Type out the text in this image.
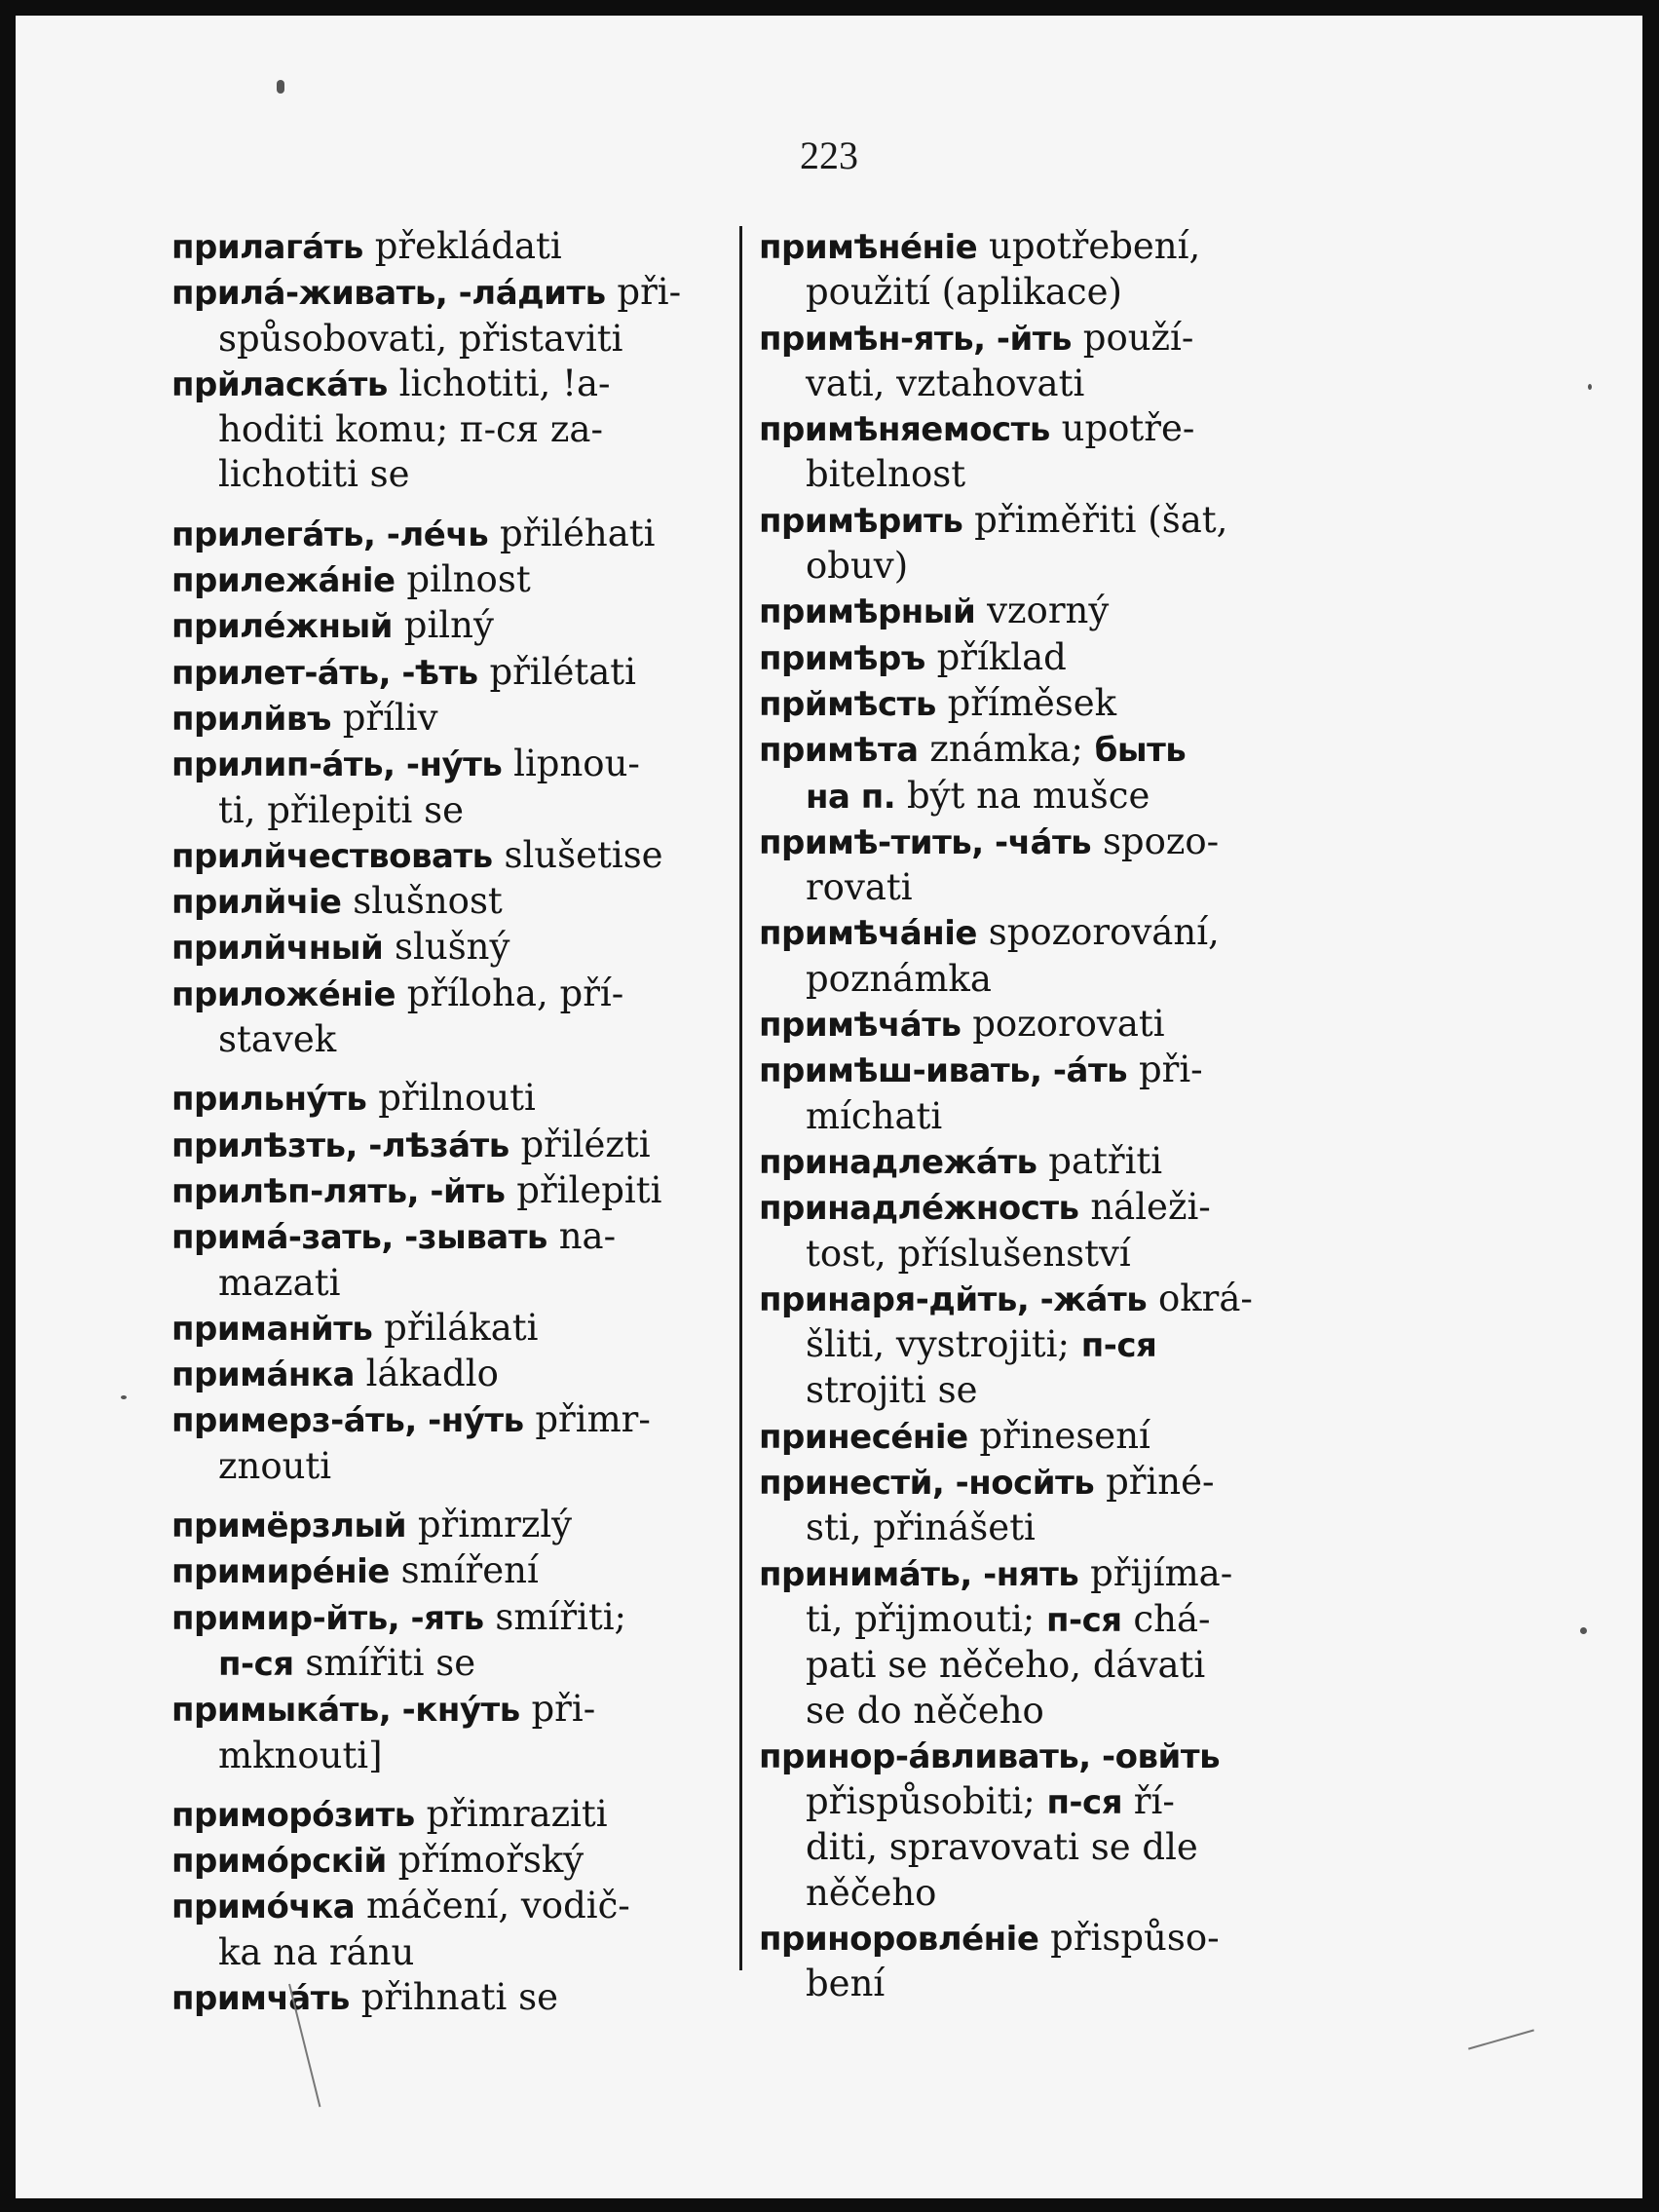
223
прилагáть překládati
прилá-живать, -лáдить při-
spůsobovati, přistaviti
прйласкáть lichotiti, !a-
hoditi komu; п-ся za-
lichotiti se
прилегáть, -лéчь přiléhati
прилежáніе pilnost
прилéжный pilný
прилет-áть, -ѣть přilétati
прилйвъ příliv
прилип-áть, -нýть lipnou-
ti, přilepiti se
прилйчествовать slušetise
прилйчіе slušnost
прилйчный slušný
приложéніе příloha, pří-
stavek
прильнýть přilnouti
прилѣзть, -лѣзáть přilézti
прилѣп-лять, -йть přilepiti
примá-зать, -зывать na-
mazati
приманйть přilákati
примáнка lákadlo
примерз-áть, -нýть přimr-
znouti
примёрзлый přimrzlý
примирéніе smíření
примир-йть, -ять smířiti;
п-ся smířiti se
примыкáть, -кнýть při-
mknouti]
приморóзить přimraziti
примóрскій přímořský
примóчка máčení, vodič-
ka na ránu
примчáть přihnati se
примѣнéніе upotřebení,
použití (aplikace)
примѣн-ять, -йть použí-
vati, vztahovati
примѣняемость upotře-
bitelnost
примѣрить přiměřiti (šat,
obuv)
примѣрный vzorný
примѣръ příklad
прймѣсть příměsek
примѣта známka; быть
на п. být na mušce
примѣ-тить, -чáть spozo-
rovati
примѣчáніе spozorování,
poznámka
примѣчáть pozorovati
примѣш-ивать, -áть při-
míchati
принадлежáть patřiti
принадлéжность náleži-
tost, příslušenství
принаря-дйть, -жáть okrá-
šliti, vystrojiti; п-ся
strojiti se
принесéніе přinesení
принестй, -носйть přiné-
sti, přinášeti
принимáть, -нять přijíma-
ti, přijmouti; п-ся chá-
pati se něčeho, dávati
se do něčeho
принор-áвливать, -овйть
přispůsobiti; п-ся ří-
diti, spravovati se dle
něčeho
приноровлéніе přispůso-
bení
